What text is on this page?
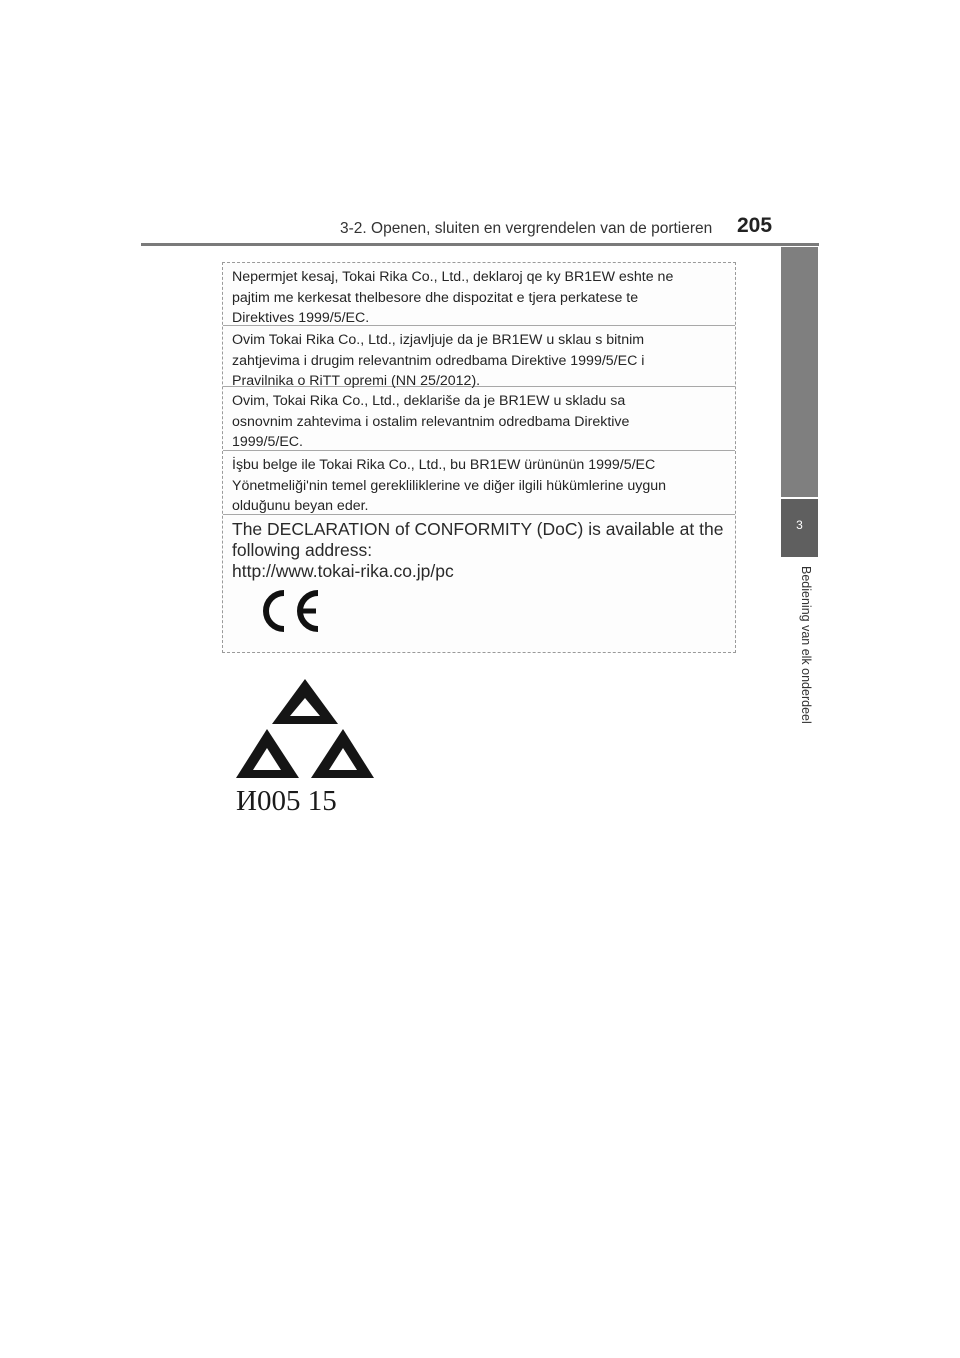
3-2. Openen, sluiten en vergrendelen van de portieren 205
3
Bediening van elk onderdeel

Nepermjet kesaj, Tokai Rika Co., Ltd., deklaroj qe ky BR1EW eshte ne

pajtim me kerkesat thelbesore dhe dispozitat e tjera perkatese te

Direktives 1999/5/EC.

Ovim Tokai Rika Co., Ltd., izjavljuje da je BR1EW u sklau s bitnim

zahtjevima i drugim relevantnim odredbama Direktive 1999/5/EC i

Pravilnika o RiTT opremi (NN 25/2012).

Ovim, Tokai Rika Co., Ltd., deklariše da je BR1EW u skladu sa

osnovnim zahtevima i ostalim relevantnim odredbama Direktive

1999/5/EC.

İşbu belge ile Tokai Rika Co., Ltd., bu BR1EW ürününün 1999/5/EC

Yönetmeliği'nin temel gerekliliklerine ve diğer ilgili hükümlerine uygun

olduğunu beyan eder.

The DECLARATION of CONFORMITY (DoC) is available at the

following address:

http://www.tokai-rika.co.jp/pc

И005 15
